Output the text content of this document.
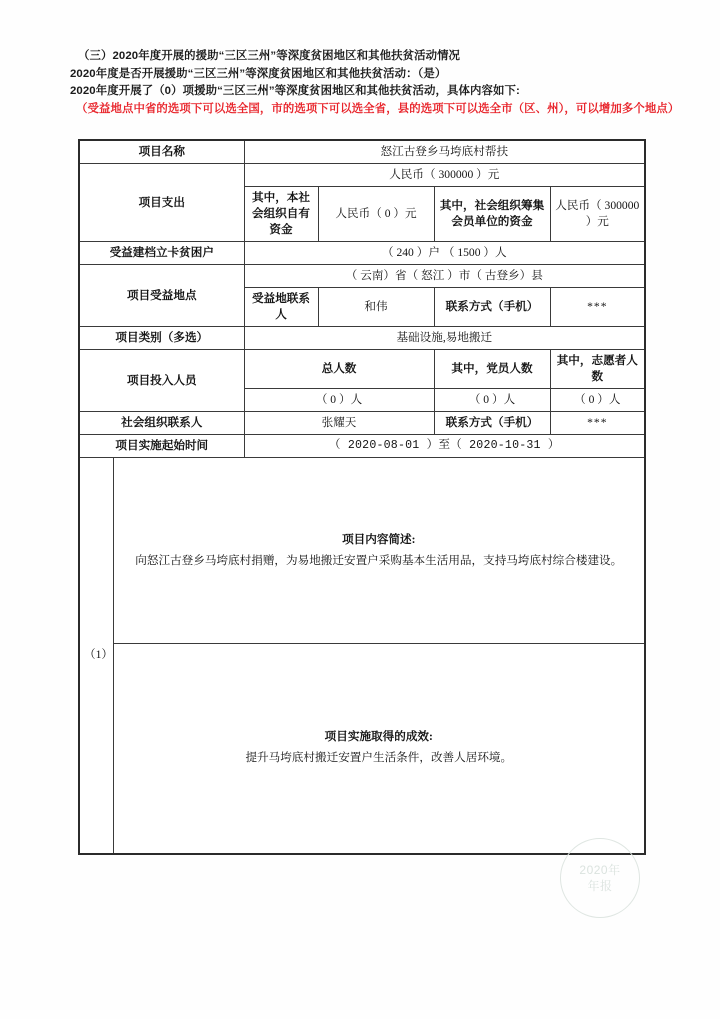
（三）2020年度开展的援助“三区三州”等深度贫困地区和其他扶贫活动情况
2020年度是否开展援助“三区三州”等深度贫困地区和其他扶贫活动：（是）
2020年度开展了（0）项援助“三区三州”等深度贫困地区和其他扶贫活动，具体内容如下:
（受益地点中省的选项下可以选全国，市的选项下可以选全省，县的选项下可以选全市（区、州），可以增加多个地点）
项目名称		怒江古登乡马垮底村帮扶			
项目支出		人民币（ 300000 ）元			
		其中，本社会组织自有资金	人民币（ 0 ）元	其中，社会组织筹集会员单位的资金	人民币（ 300000 ）元
受益建档立卡贫困户		（ 240 ）户 （ 1500 ）人			
项目受益地点		（ 云南）省（ 怒江 ）市（ 古登乡）县			
		受益地联系人	和伟	联系方式（手机）	***
项目类别（多选）		基础设施,易地搬迁			
项目投入人员		总人数		其中，党员人数	其中，志愿者人数
		（ 0 ）人		（ 0 ）人	（ 0 ）人
社会组织联系人		张耀天		联系方式（手机）	***
项目实施起始时间		（ 2020-08-01 ）至（ 2020-10-31 ）			
（1）	项目内容简述:
向怒江古登乡马垮底村捐赠，为易地搬迁安置户采购基本生活用品，支持马垮底村综合楼建设。				

	项目实施取得的成效:
提升马垮底村搬迁安置户生活条件，改善人居环境。				
2020年
年报
